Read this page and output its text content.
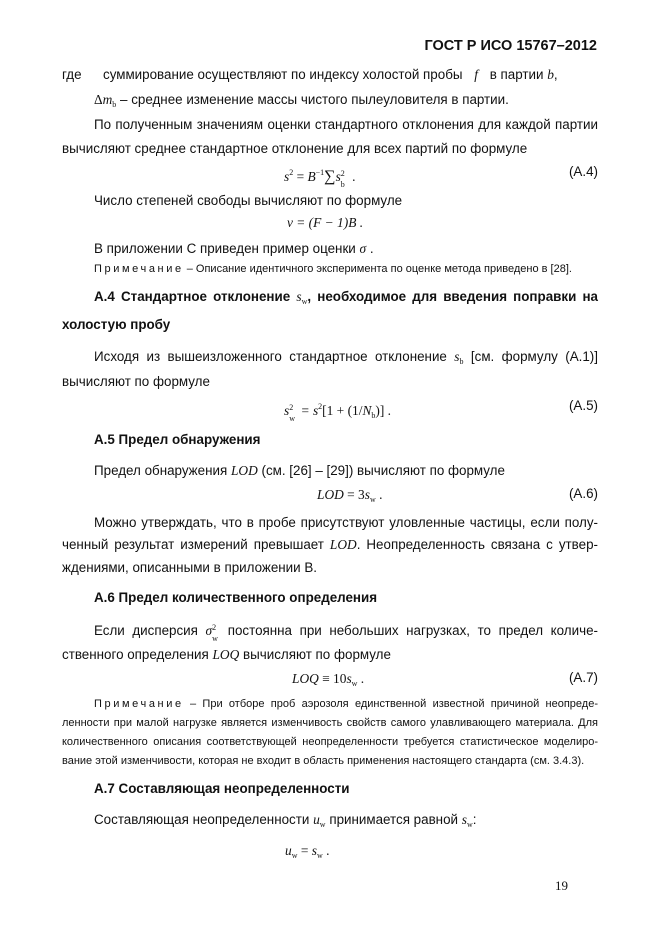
ГОСТ Р ИСО 15767–2012
где суммирование осуществляют по индексу холостой пробы f в партии b,
$\Delta m_b$ – среднее изменение массы чистого пылеуловителя в партии.
По полученным значениям оценки стандартного отклонения для каждой партии
вычисляют среднее стандартное отклонение для всех партий по формуле
$s^2 = B^{-1}\sum s$ 2
b
.	(А.4)
Число степеней свободы вычисляют по формуле
ν = (F − 1)B .
В приложении С приведен пример оценки σ .
Примечание – Описание идентичного эксперимента по оценке метода приведено в [28].
А.4 Стандартное отклонение $s_w$, необходимое для введения поправки на
холостую пробу
Исходя из вышеизложенного стандартное отклонение $s_b$ [см. формулу (А.1)]
вычисляют по формуле
s 2
w
= $s^2[1 + (1/N_b)]$ .	(А.5)
А.5 Предел обнаружения
Предел обнаружения LOD (см. [26] – [29]) вычисляют по формуле
LOD = $3s_w$ .	(А.6)
Можно утверждать, что в пробе присутствуют уловленные частицы, если полу-
ченный результат измерений превышает LOD. Неопределенность связана с утвер-
ждениями, описанными в приложении В.
А.6 Предел количественного определения
Если дисперсия σ 2
w
постоянна при небольших нагрузках, то предел количе-
ственного определения LOQ вычисляют по формуле
LOQ ≡ $10s_w$ .	(А.7)
Примечание – При отборе проб аэрозоля единственной известной причиной неопреде-
ленности при малой нагрузке является изменчивость свойств самого улавливающего материала. Для
количественного описания соответствующей неопределенности требуется статистическое моделиро-
вание этой изменчивости, которая не входит в область применения настоящего стандарта (см. 3.4.3).
А.7 Составляющая неопределенности
Составляющая неопределенности $u_w$ принимается равной $s_w$:
$u_w = s_w$ .
19
